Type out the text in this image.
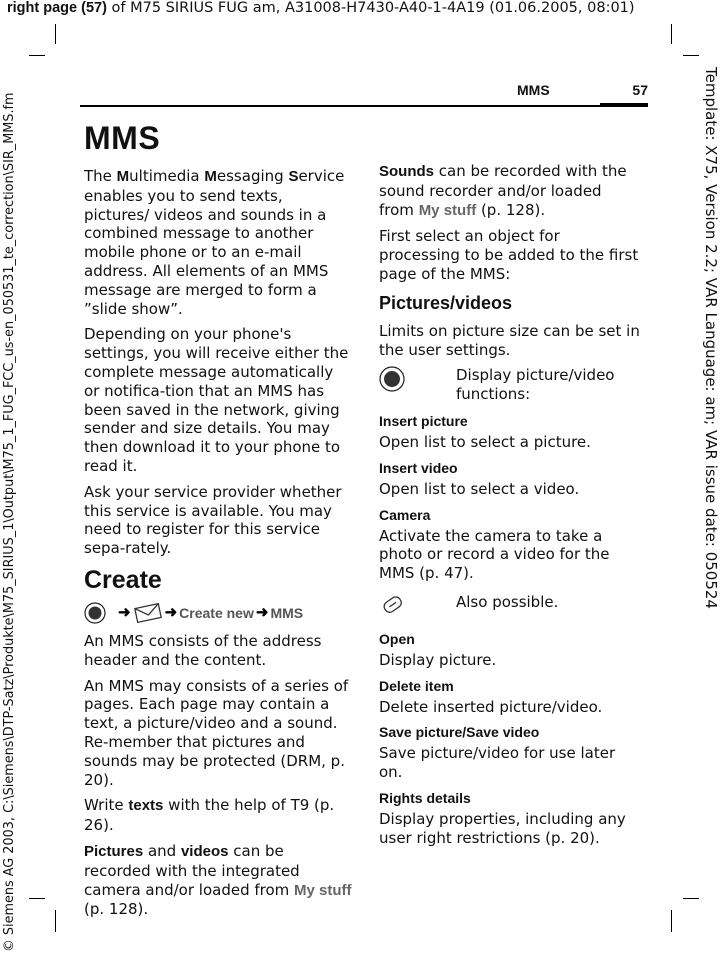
right page (57) of M75 SIRIUS FUG am, A31008-H7430-A40-1-4A19 (01.06.2005, 08:01)
© Siemens AG 2003, C:\Siemens\DTP-Satz\Produkte\M75_SIRIUS_1\Output\M75_1_FUG_FCC_us-en_050531_te_correction\SIR_MMS.fm	Template: X75, Version 2.2; VAR Language: am; VAR issue date: 050524
MMS	57
MMS

The Multimedia Messaging Service enables you to send texts, pictures/ videos and sounds in a combined message to another mobile phone or to an e-mail address. All elements of an MMS message are merged to form a ”slide show”.

Depending on your phone's settings, you will receive either the complete message automatically or notifica-tion that an MMS has been saved in the network, giving sender and size details. You may then download it to your phone to read it.

Ask your service provider whether this service is available. You may need to register for this service sepa-rately.

Create
➜ ➜ Create new ➜ MMS

An MMS consists of the address header and the content.

An MMS may consists of a series of pages. Each page may contain a text, a picture/video and a sound. Re-member that pictures and sounds may be protected (DRM, p. 20).

Write texts with the help of T9 (p. 26).

Pictures and videos can be recorded with the integrated camera and/or loaded from My stuff (p. 128).

Sounds can be recorded with the sound recorder and/or loaded from My stuff (p. 128).

First select an object for processing to be added to the first page of the MMS:

Pictures/videos

Limits on picture size can be set in the user settings.

Display picture/video functions:
Insert picture

Open list to select a picture.

Insert video

Open list to select a video.

Camera

Activate the camera to take a photo or record a video for the MMS (p. 47).

Also possible.
Open

Display picture.

Delete item

Delete inserted picture/video.

Save picture/Save video

Save picture/video for use later on.

Rights details

Display properties, including any user right restrictions (p. 20).
